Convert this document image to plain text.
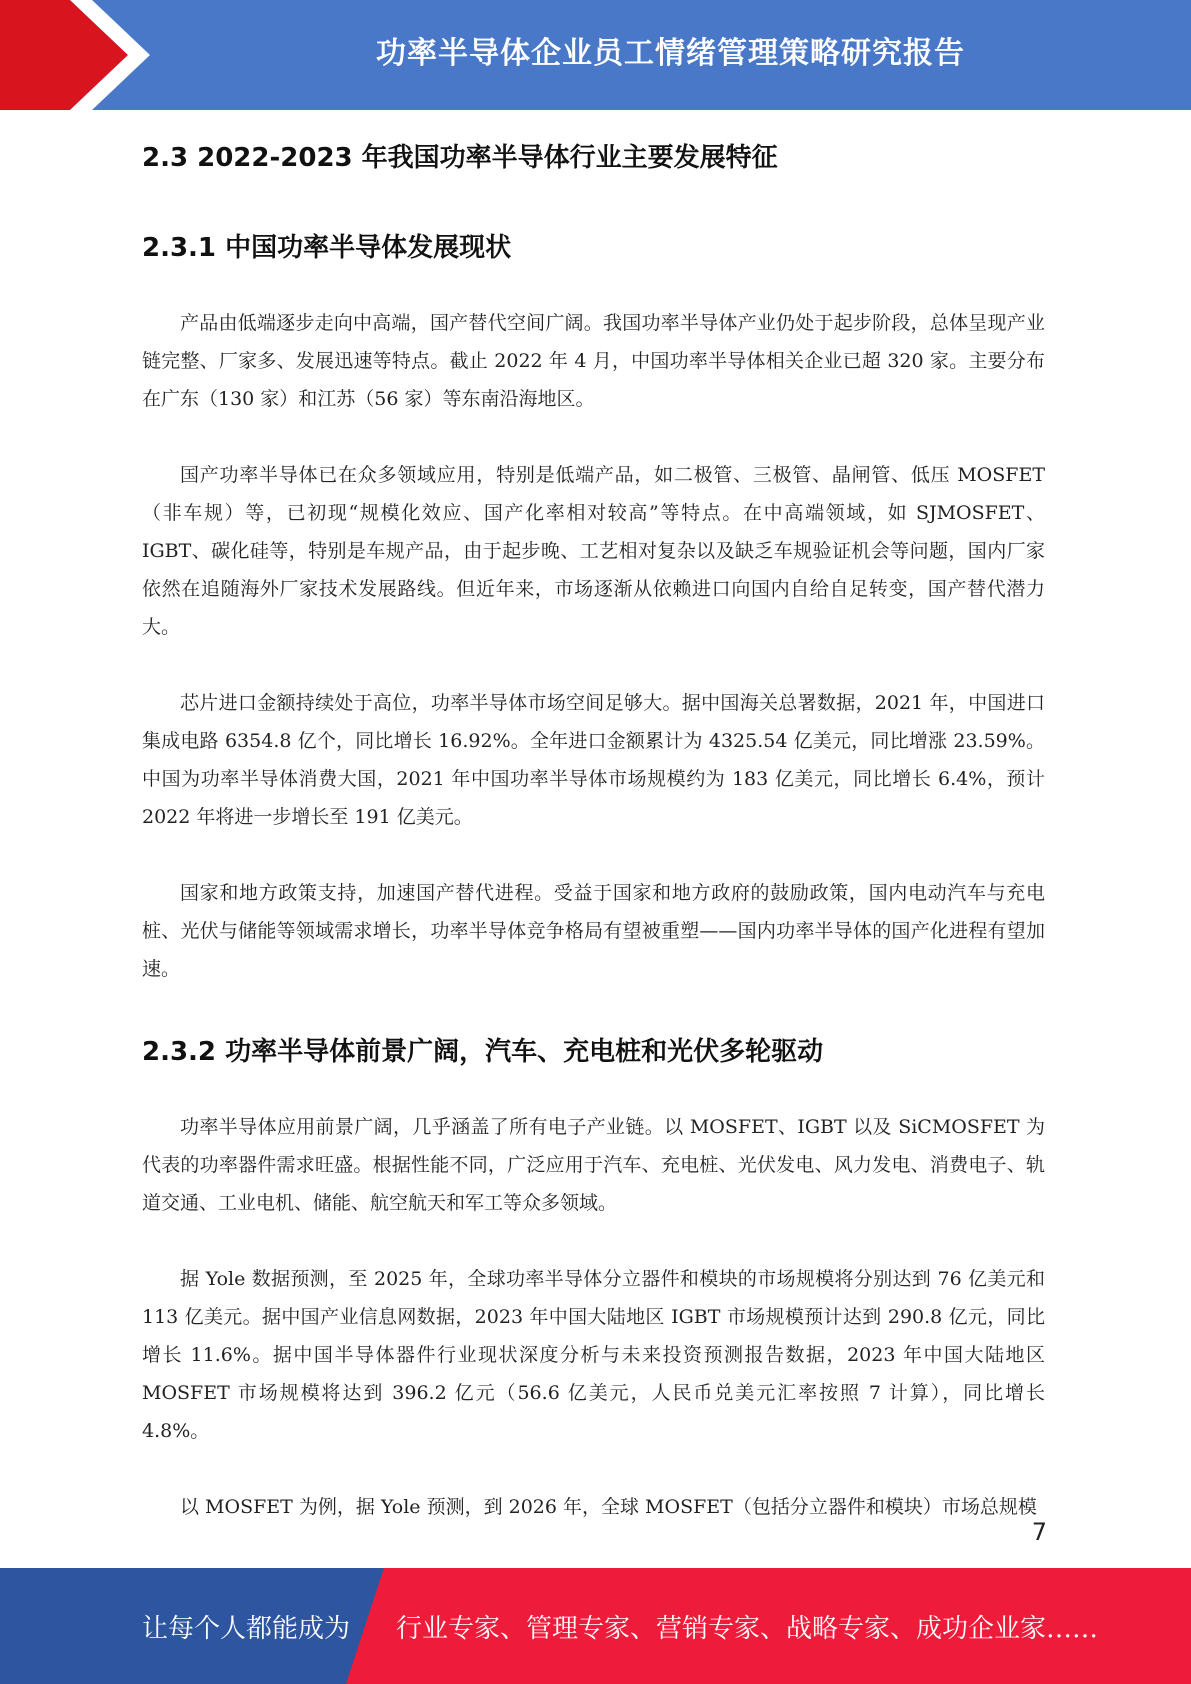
功率半导体企业员工情绪管理策略研究报告
2.3 2022-2023 年我国功率半导体行业主要发展特征
2.3.1 中国功率半导体发展现状

产品由低端逐步走向中高端，国产替代空间广阔。我国功率半导体产业仍处于起步阶段，总体呈现产业链完整、厂家多、发展迅速等特点。截止 2022 年 4 月，中国功率半导体相关企业已超 320 家。主要分布在广东（130 家）和江苏（56 家）等东南沿海地区。

国产功率半导体已在众多领域应用，特别是低端产品，如二极管、三极管、晶闸管、低压 MOSFET（非车规）等，已初现“规模化效应、国产化率相对较高”等特点。在中高端领域，如 SJMOSFET、IGBT、碳化硅等，特别是车规产品，由于起步晚、工艺相对复杂以及缺乏车规验证机会等问题，国内厂家依然在追随海外厂家技术发展路线。但近年来，市场逐渐从依赖进口向国内自给自足转变，国产替代潜力大。

芯片进口金额持续处于高位，功率半导体市场空间足够大。据中国海关总署数据，2021 年，中国进口集成电路 6354.8 亿个，同比增长 16.92%。全年进口金额累计为 4325.54 亿美元，同比增涨 23.59%。中国为功率半导体消费大国，2021 年中国功率半导体市场规模约为 183 亿美元，同比增长 6.4%，预计 2022 年将进一步增长至 191 亿美元。

国家和地方政策支持，加速国产替代进程。受益于国家和地方政府的鼓励政策，国内电动汽车与充电桩、光伏与储能等领域需求增长，功率半导体竞争格局有望被重塑——国内功率半导体的国产化进程有望加速。

2.3.2 功率半导体前景广阔，汽车、充电桩和光伏多轮驱动

功率半导体应用前景广阔，几乎涵盖了所有电子产业链。以 MOSFET、IGBT 以及 SiCMOSFET 为代表的功率器件需求旺盛。根据性能不同，广泛应用于汽车、充电桩、光伏发电、风力发电、消费电子、轨道交通、工业电机、储能、航空航天和军工等众多领域。

据 Yole 数据预测，至 2025 年，全球功率半导体分立器件和模块的市场规模将分别达到 76 亿美元和 113 亿美元。据中国产业信息网数据，2023 年中国大陆地区 IGBT 市场规模预计达到 290.8 亿元，同比增长 11.6%。据中国半导体器件行业现状深度分析与未来投资预测报告数据，2023 年中国大陆地区 MOSFET 市场规模将达到 396.2 亿元（56.6 亿美元，人民币兑美元汇率按照 7 计算），同比增长 4.8%。

以 MOSFET 为例，据 Yole 预测，到 2026 年，全球 MOSFET（包括分立器件和模块）市场总规模

7
让每个人都能成为 行业专家、管理专家、营销专家、战略专家、成功企业家……
